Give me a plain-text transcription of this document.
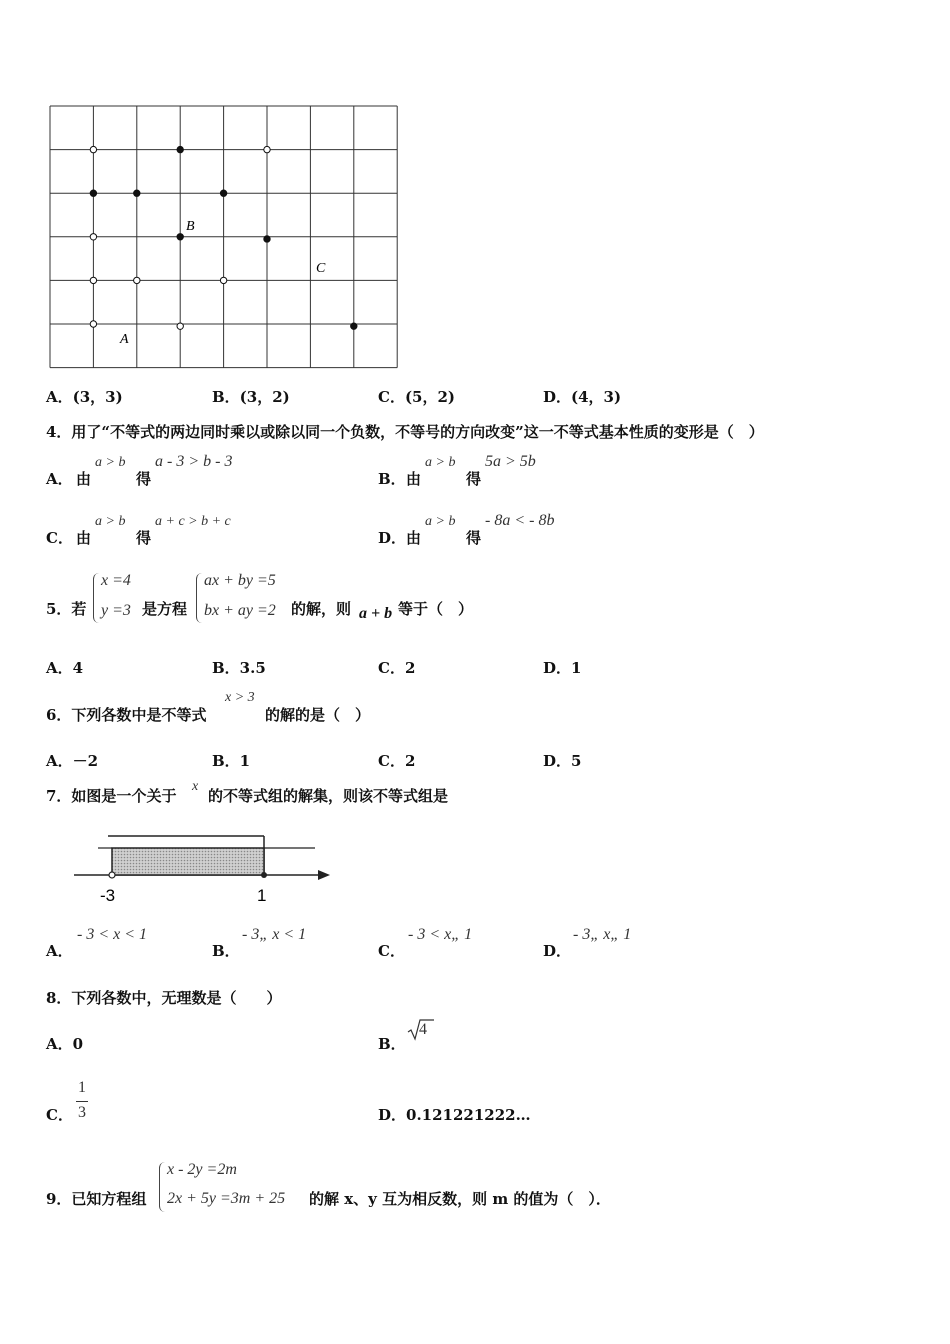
A
B
C
A．(3，3)	B．(3，2)	C．(5，2)	D．(4，3)
4．用了“不等式的两边同时乘以或除以同一个负数，不等号的方向改变”这一不等式基本性质的变形是（　）
A． 由
a > b
得
a - 3 > b - 3
B． 由
a > b
得
5a > 5b
C． 由
a > b
得
a + c > b + c
D． 由
a > b
得
- 8a < - 8b
5．若
x =4
y =3 是方程
ax + by =5
bx + ay =2 的解，则 a + b 等于（　）
A．4	B．3.5	C．2	D．1
6．下列各数中是不等式
x > 3
的解的是（　）
A．－2	B．1	C．2	D．5
7．如图是一个关于
x
的不等式组的解集，则该不等式组是
-3	1
A．
- 3 < x < 1
B．
- 3„ x < 1
C．
- 3 < x„ 1
D．
- 3„ x„ 1
8．下列各数中，无理数是（　　）
A．0	B．
4
C．
1
3	D．0.121221222…
9．已知方程组
x - 2y =2m
2x + 5y =3m + 25 的解 x、y 互为相反数，则 m 的值为（　）．
